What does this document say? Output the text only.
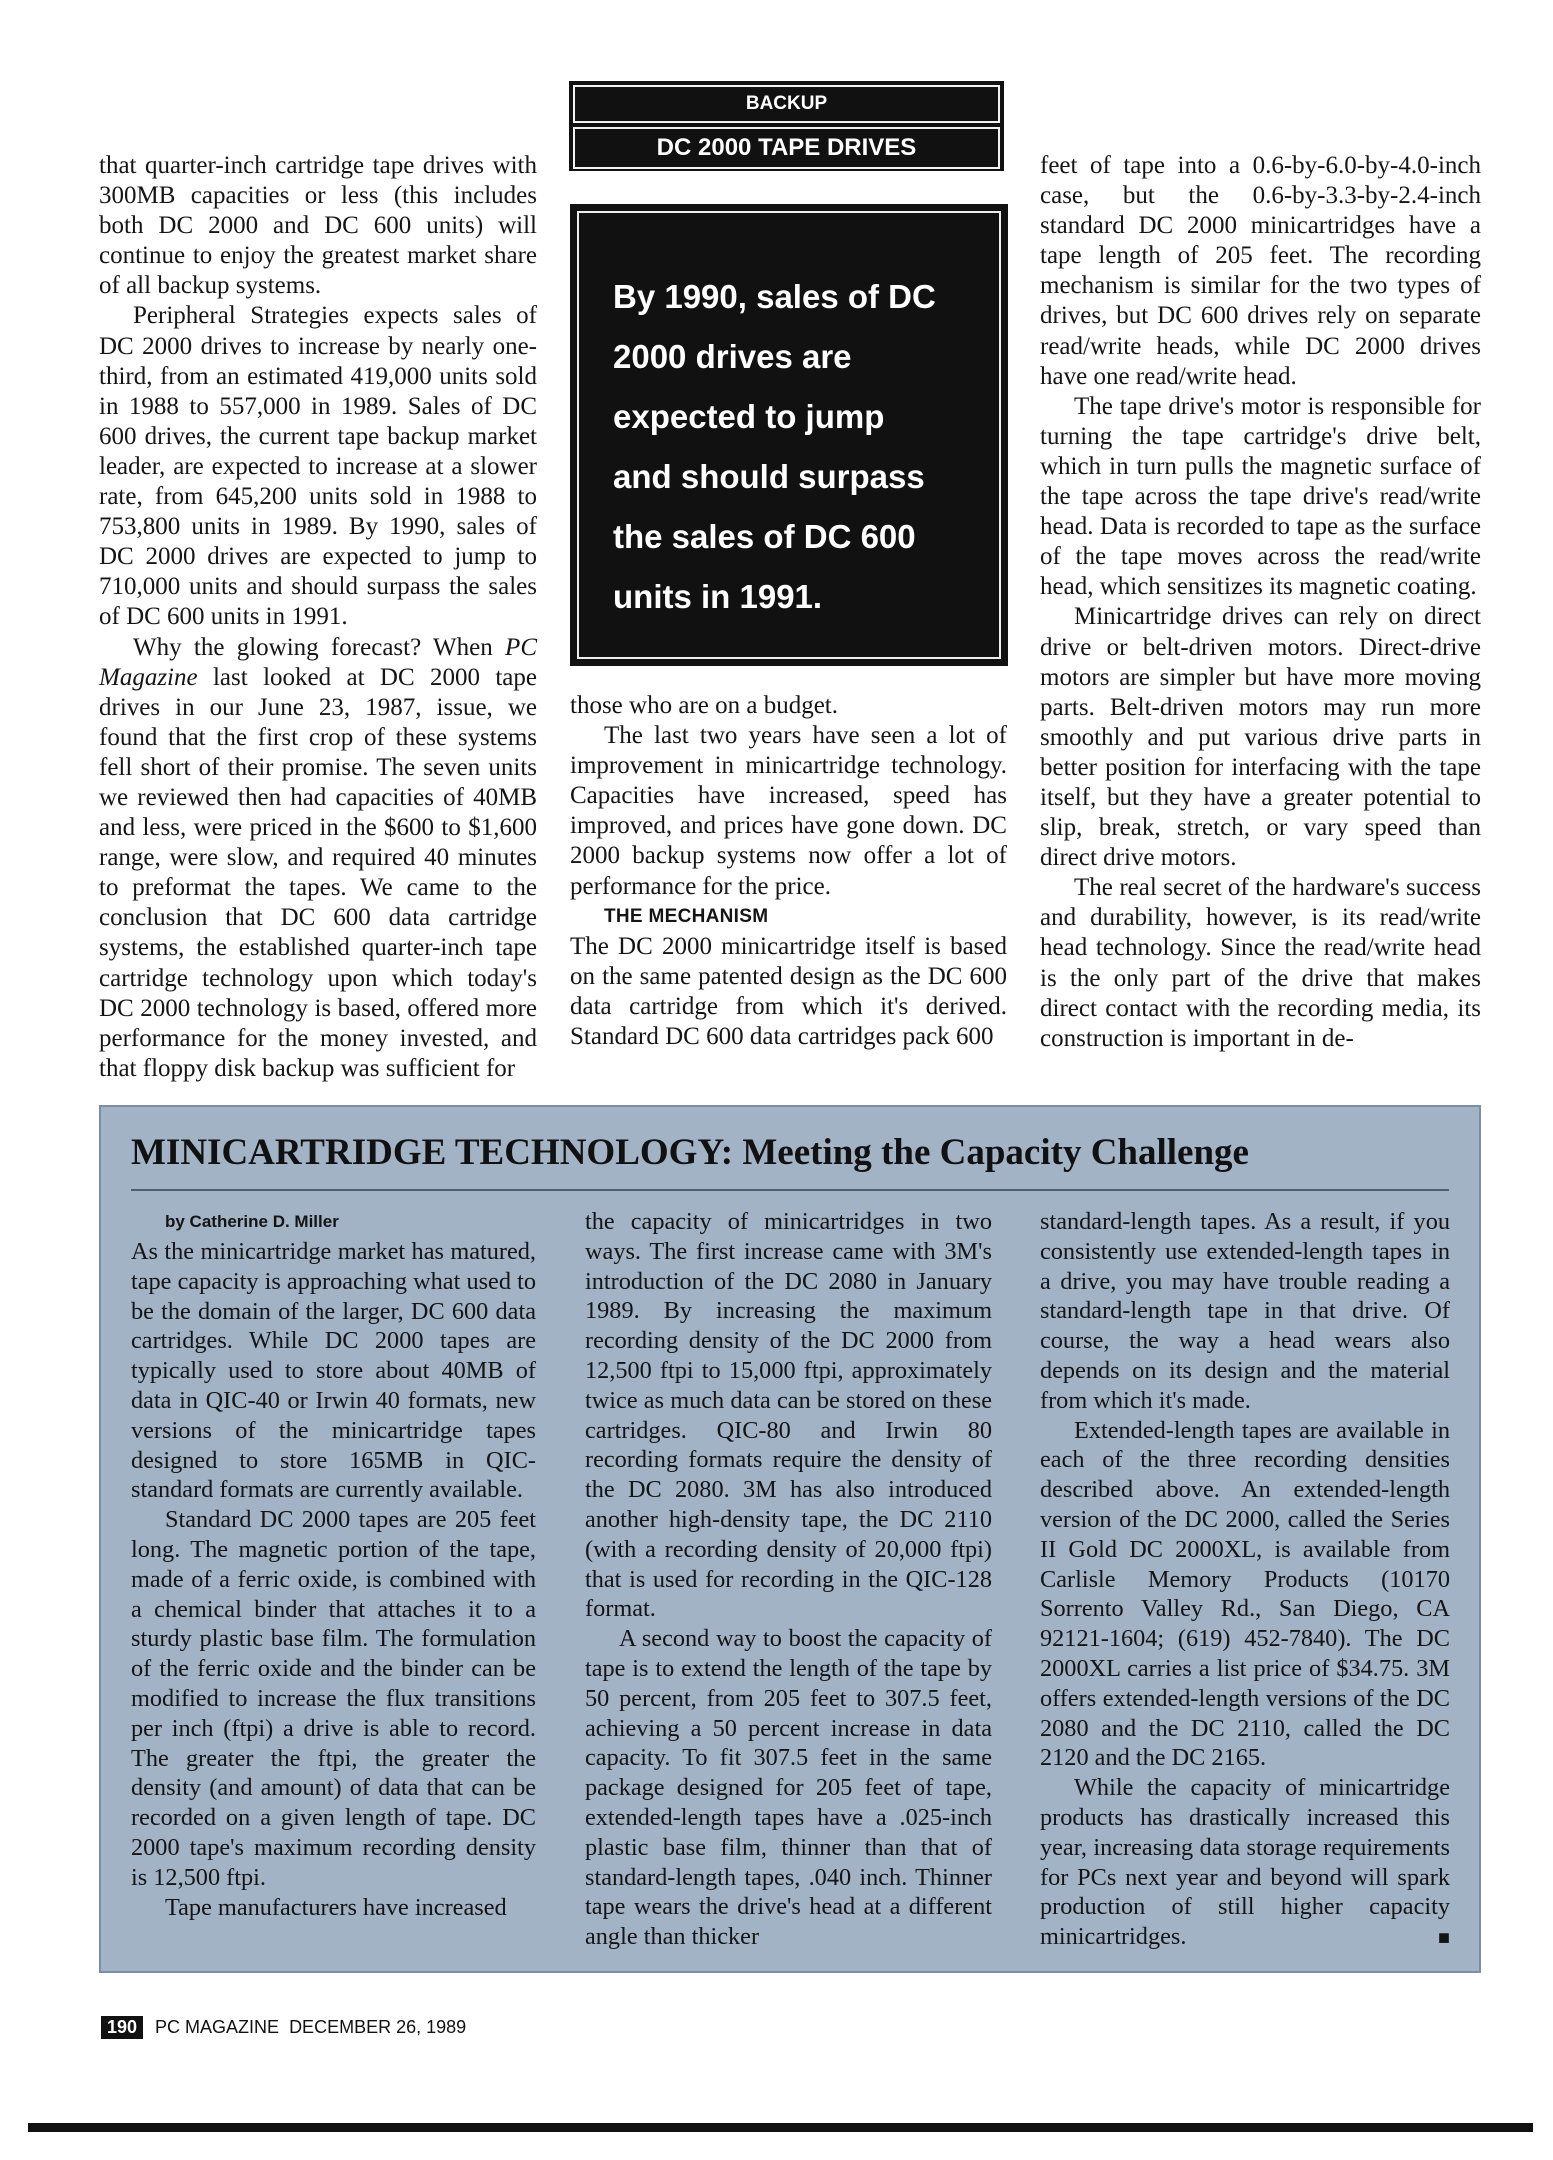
BACKUP
DC 2000 TAPE DRIVES

that quarter-inch cartridge tape drives with 300MB capacities or less (this includes both DC 2000 and DC 600 units) will continue to enjoy the greatest market share of all backup systems.

Peripheral Strategies expects sales of DC 2000 drives to increase by nearly one-third, from an estimated 419,000 units sold in 1988 to 557,000 in 1989. Sales of DC 600 drives, the current tape backup market leader, are expected to increase at a slower rate, from 645,200 units sold in 1988 to 753,800 units in 1989. By 1990, sales of DC 2000 drives are expected to jump to 710,000 units and should surpass the sales of DC 600 units in 1991.

Why the glowing forecast? When PC Magazine last looked at DC 2000 tape drives in our June 23, 1987, issue, we found that the first crop of these systems fell short of their promise. The seven units we reviewed then had capacities of 40MB and less, were priced in the $600 to $1,600 range, were slow, and required 40 minutes to preformat the tapes. We came to the conclusion that DC 600 data cartridge systems, the established quarter-inch tape cartridge technology upon which today's DC 2000 technology is based, offered more performance for the money invested, and that floppy disk backup was sufficient for

By 1990, sales of DC
2000 drives are
expected to jump
and should surpass
the sales of DC 600
units in 1991.

those who are on a budget.

The last two years have seen a lot of improvement in minicartridge technology. Capacities have increased, speed has improved, and prices have gone down. DC 2000 backup systems now offer a lot of performance for the price.

THE MECHANISM

The DC 2000 minicartridge itself is based on the same patented design as the DC 600 data cartridge from which it's derived. Standard DC 600 data cartridges pack 600

feet of tape into a 0.6-by-6.0-by-4.0-inch case, but the 0.6-by-3.3-by-2.4-inch standard DC 2000 minicartridges have a tape length of 205 feet. The recording mechanism is similar for the two types of drives, but DC 600 drives rely on separate read/write heads, while DC 2000 drives have one read/write head.

The tape drive's motor is responsible for turning the tape cartridge's drive belt, which in turn pulls the magnetic surface of the tape across the tape drive's read/write head. Data is recorded to tape as the surface of the tape moves across the read/write head, which sensitizes its magnetic coating.

Minicartridge drives can rely on direct drive or belt-driven motors. Direct-drive motors are simpler but have more moving parts. Belt-driven motors may run more smoothly and put various drive parts in better position for interfacing with the tape itself, but they have a greater potential to slip, break, stretch, or vary speed than direct drive motors.

The real secret of the hardware's success and durability, however, is its read/write head technology. Since the read/write head is the only part of the drive that makes direct contact with the recording media, its construction is important in de-

MINICARTRIDGE TECHNOLOGY: Meeting the Capacity Challenge

by Catherine D. Miller

As the minicartridge market has matured, tape capacity is approaching what used to be the domain of the larger, DC 600 data cartridges. While DC 2000 tapes are typically used to store about 40MB of data in QIC-40 or Irwin 40 formats, new versions of the minicartridge tapes designed to store 165MB in QIC-standard formats are currently available.

Standard DC 2000 tapes are 205 feet long. The magnetic portion of the tape, made of a ferric oxide, is combined with a chemical binder that attaches it to a sturdy plastic base film. The formulation of the ferric oxide and the binder can be modified to increase the flux transitions per inch (ftpi) a drive is able to record. The greater the ftpi, the greater the density (and amount) of data that can be recorded on a given length of tape. DC 2000 tape's maximum recording density is 12,500 ftpi.

Tape manufacturers have increased

the capacity of minicartridges in two ways. The first increase came with 3M's introduction of the DC 2080 in January 1989. By increasing the maximum recording density of the DC 2000 from 12,500 ftpi to 15,000 ftpi, approximately twice as much data can be stored on these cartridges. QIC-80 and Irwin 80 recording formats require the density of the DC 2080. 3M has also introduced another high-density tape, the DC 2110 (with a recording density of 20,000 ftpi) that is used for recording in the QIC-128 format.

A second way to boost the capacity of tape is to extend the length of the tape by 50 percent, from 205 feet to 307.5 feet, achieving a 50 percent increase in data capacity. To fit 307.5 feet in the same package designed for 205 feet of tape, extended-length tapes have a .025-inch plastic base film, thinner than that of standard-length tapes, .040 inch. Thinner tape wears the drive's head at a different angle than thicker

standard-length tapes. As a result, if you consistently use extended-length tapes in a drive, you may have trouble reading a standard-length tape in that drive. Of course, the way a head wears also depends on its design and the material from which it's made.

Extended-length tapes are available in each of the three recording densities described above. An extended-length version of the DC 2000, called the Series II Gold DC 2000XL, is available from Carlisle Memory Products (10170 Sorrento Valley Rd., San Diego, CA 92121-1604; (619) 452-7840). The DC 2000XL carries a list price of $34.75. 3M offers extended-length versions of the DC 2080 and the DC 2110, called the DC 2120 and the DC 2165.

While the capacity of minicartridge products has drastically increased this year, increasing data storage requirements for PCs next year and beyond will spark production of still higher capacity minicartridges.	■

190	PC MAGAZINE  DECEMBER 26, 1989
